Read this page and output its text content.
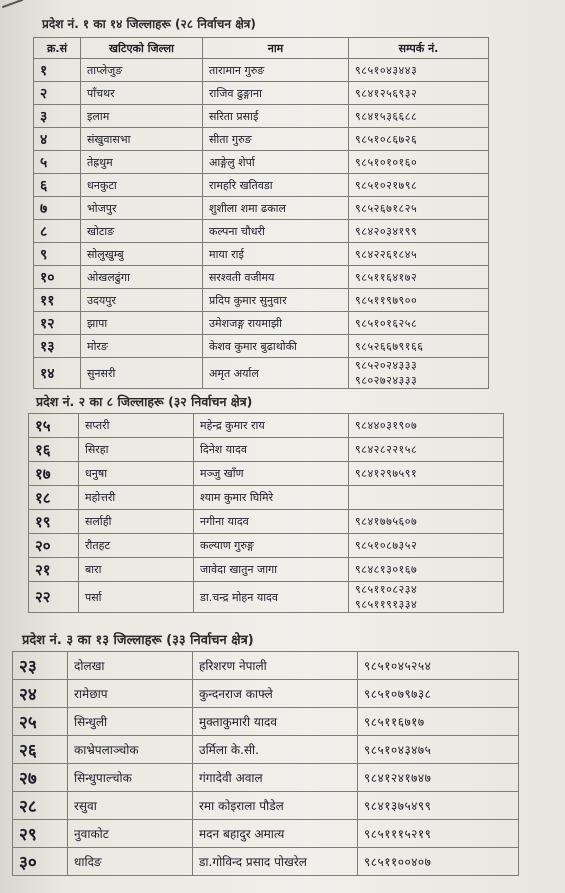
प्रदेश नं. १ का १४ जिल्लाहरू (२८ निर्वाचन क्षेत्र)
क्र.सं	खटिएको जिल्ला	नाम	सम्पर्क नं.
१	ताप्लेजुङ	तारामान गुरुङ	९८५१०४३४४३
२	पाँचथर	राजिव ढुङ्गाना	९८४१२५६९३२
३	इलाम	सरिता प्रसाई	९८४१५३६६८८
४	संखुवासभा	सीता गुरुङ	९८५१०८६७२६
५	तेह्रथुम	आङ्गेलु शेर्पा	९८५१०१०१६०
६	धनकुटा	रामहरि खतिवडा	९८५१०२१७९८
७	भोजपुर	शुशीला शमा ढकाल	९८५२६७१८२५
८	खोटाङ	कल्पना चौधरी	९८४२०३४१९९
९	सोलुखुम्बु	माया राई	९८४२२६१८४५
१०	ओखलढुंगा	सरश्वती वजीमय	९८५११६४१७२
११	उदयपुर	प्रदिप कुमार सुनुवार	९८५११९७९००
१२	झापा	उमेशजङ्ग रायमाझी	९८५१०१६२५८
१३	मोरङ	केशव कुमार बुढाथोकी	९८५२६६७९१६६
१४	सुनसरी	अमृत अर्याल	९८५२०२४३३३
९८०२७२४३३३
प्रदेश नं. २ का ८ जिल्लाहरू (३२ निर्वाचन क्षेत्र)
१५	सप्तरी	महेन्द्र कुमार राय	९८४४०३१९०७
१६	सिरहा	दिनेश यादव	९८४२८२२१५८
१७	धनुषा	मञ्जु खाँण	९८४१२९७५९१
१८	महोत्तरी	श्याम कुमार घिमिरे	
१९	सर्लाही	नगीना यादव	९८४१७७५६०७
२०	रौतहट	कल्याण गुरुङ्ग	९८५१०८७३५२
२१	बारा	जावेदा खातुन जागा	९८४८१३०१६७
२२	पर्सा	डा.चन्द्र मोहन यादव	९८५११०८२३४
९८५११९१३३४
प्रदेश नं. ३ का १३ जिल्लाहरू (३३ निर्वाचन क्षेत्र)
२३	दोलखा	हरिशरण नेपाली	९८५१०४५२५४
२४	रामेछाप	कुन्दनराज काफ्ले	९८५१०७९७३८
२५	सिन्धुली	मुक्ताकुमारी यादव	९८५११६७१७
२६	काभ्रेपलाञ्चोक	उर्मिला के.सी.	९८५१०४३४७५
२७	सिन्धुपाल्चोक	गंगादेवी अवाल	९८४१२४१७४७
२८	रसुवा	रमा कोइराला पौडेल	९८४१३७५४९९
२९	नुवाकोट	मदन बहादुर अमात्य	९८५१११५२१९
३०	धादिङ	डा.गोविन्द प्रसाद पोखरेल	९८५११००४०७
